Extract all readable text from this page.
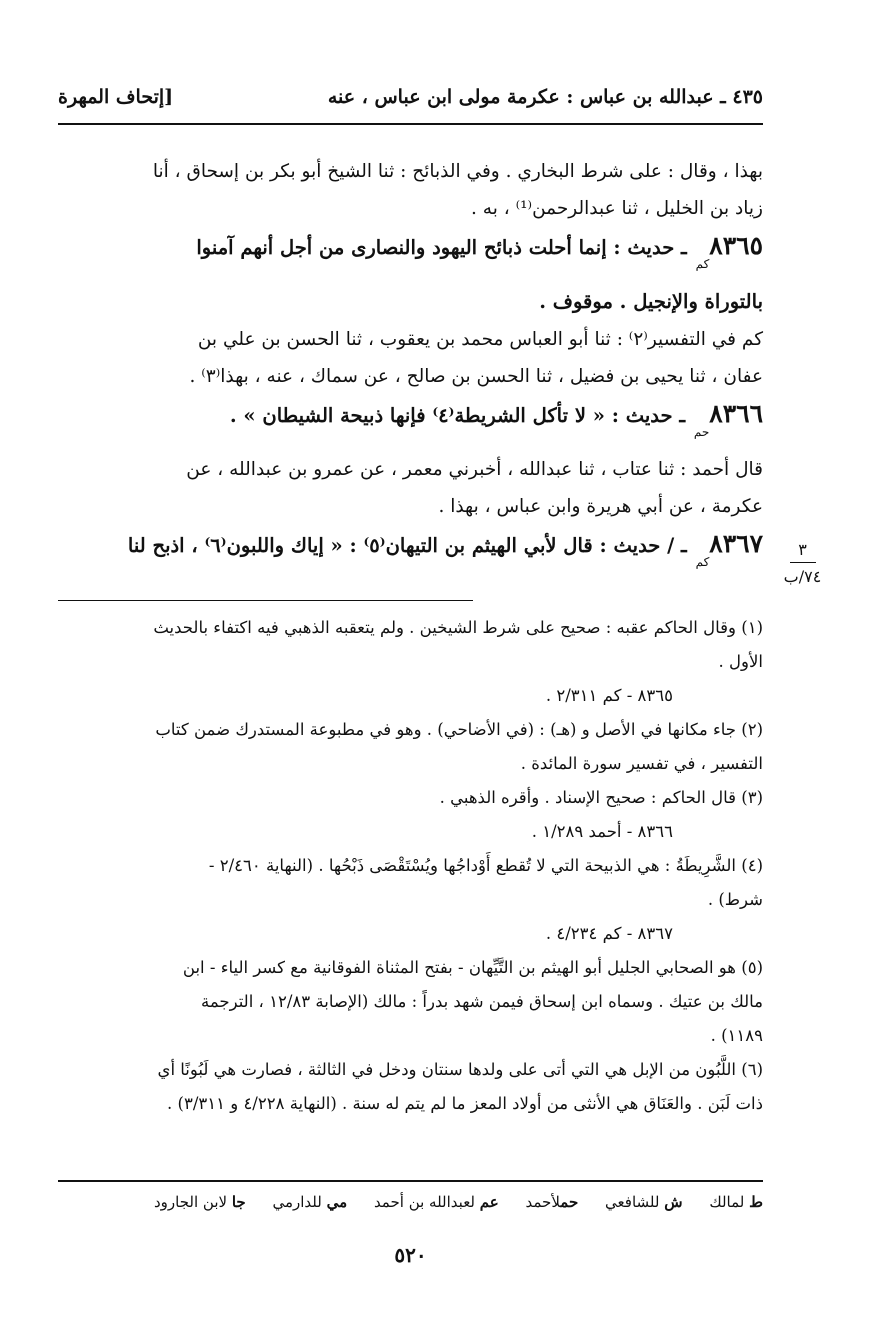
٤٣٥ ـ عبدالله بن عباس : عكرمة مولى ابن عباس ، عنه
[إتحاف المهرة

بهذا ، وقال : على شرط البخاري . وفي الذبائح : ثنا الشيخ أبو بكر بن إسحاق ، أنا

زياد بن الخليل ، ثنا عبدالرحمن⁽¹⁾ ، به .

٨٣٦٥كم ـ حديث : إنما أحلت ذبائح اليهود والنصارى من أجل أنهم آمنوا
بالتوراة والإنجيل . موقوف .

كم في التفسير⁽٢⁾ : ثنا أبو العباس محمد بن يعقوب ، ثنا الحسن بن علي بن

عفان ، ثنا يحيى بن فضيل ، ثنا الحسن بن صالح ، عن سماك ، عنه ، بهذا⁽٣⁾ .

٨٣٦٦حم ـ حديث : « لا تأكل الشريطة⁽٤⁾ فإنها ذبيحة الشيطان » .

قال أحمد : ثنا عتاب ، ثنا عبدالله ، أخبرني معمر ، عن عمرو بن عبدالله ، عن

عكرمة ، عن أبي هريرة وابن عباس ، بهذا .

٨٣٦٧كم ـ / حديث : قال لأبي الهيثم بن التيهان⁽٥⁾ : « إياك واللبون⁽٦⁾ ، اذبح لنا

(١) وقال الحاكم عقبه : صحيح على شرط الشيخين . ولم يتعقبه الذهبي فيه اكتفاء بالحديث

الأول .

٨٣٦٥ - كم ٢/٣١١ .

(٢) جاء مكانها في الأصل و (هـ) : (في الأضاحي) . وهو في مطبوعة المستدرك ضمن كتاب

التفسير ، في تفسير سورة المائدة .

(٣) قال الحاكم : صحيح الإسناد . وأقره الذهبي .

٨٣٦٦ - أحمد ١/٢٨٩ .

(٤) الشَّرِيطَةُ : هي الذبيحة التي لا تُقطع أَوْداجُها ويُسْتَقْصَى ذَبْحُها . (النهاية ٢/٤٦٠ -

شرط) .

٨٣٦٧ - كم ٤/٢٣٤ .

(٥) هو الصحابي الجليل أبو الهيثم بن التَّيِّهان - بفتح المثناة الفوقانية مع كسر الياء - ابن

مالك بن عتيك . وسماه ابن إسحاق فيمن شهد بدراً : مالك (الإصابة ١٢/٨٣ ، الترجمة

١١٨٩) .

(٦) اللَّبُون من الإبل هي التي أتى على ولدها سنتان ودخل في الثالثة ، فصارت هي لَبُونًا أي

ذات لَبَن . والعَنَاق هي الأنثى من أولاد المعز ما لم يتم له سنة . (النهاية ٤/٢٢٨ و ٣/٣١١) .

ط لمالك ش للشافعي حملأحمد عم لعبدالله بن أحمد مي للدارمي جا لابن الجارود
٥٢٠
٣
٧٤/ب
